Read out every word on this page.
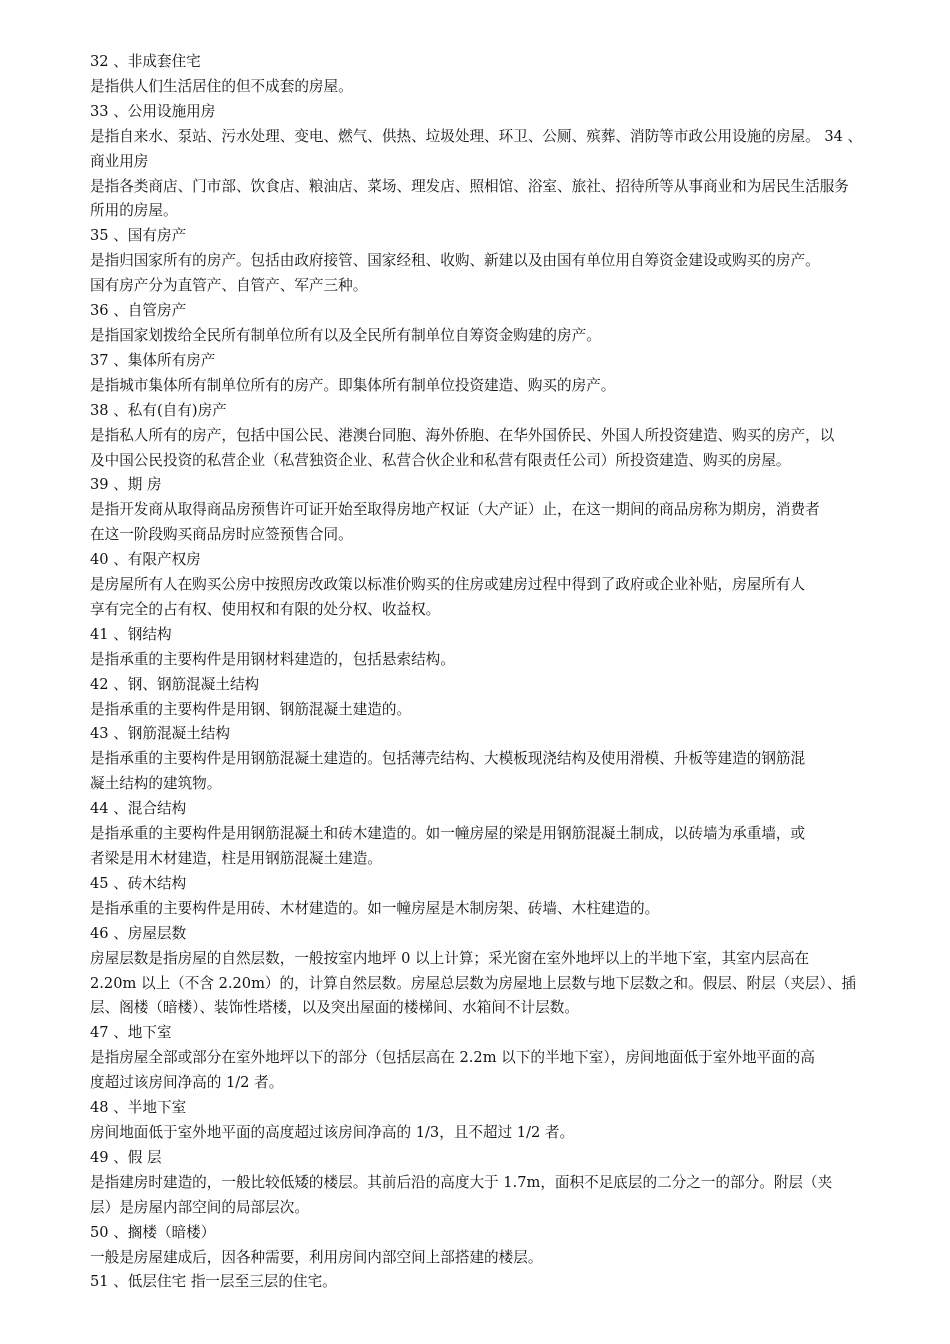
32 、非成套住宅
是指供人们生活居住的但不成套的房屋。
33 、公用设施用房
是指自来水、泵站、污水处理、变电、燃气、供热、垃圾处理、环卫、公厕、殡葬、消防等市政公用设施的房屋。 34 、
商业用房
是指各类商店、门市部、饮食店、粮油店、菜场、理发店、照相馆、浴室、旅社、招待所等从事商业和为居民生活服务
所用的房屋。
35 、国有房产
是指归国家所有的房产。包括由政府接管、国家经租、收购、新建以及由国有单位用自筹资金建设或购买的房产。
国有房产分为直管产、自管产、军产三种。
36 、自管房产
是指国家划拨给全民所有制单位所有以及全民所有制单位自筹资金购建的房产。
37 、集体所有房产
是指城市集体所有制单位所有的房产。即集体所有制单位投资建造、购买的房产。
38 、私有(自有)房产
是指私人所有的房产，包括中国公民、港澳台同胞、海外侨胞、在华外国侨民、外国人所投资建造、购买的房产，以
及中国公民投资的私营企业（私营独资企业、私营合伙企业和私营有限责任公司）所投资建造、购买的房屋。
39 、期 房
是指开发商从取得商品房预售许可证开始至取得房地产权证（大产证）止，在这一期间的商品房称为期房，消费者
在这一阶段购买商品房时应签预售合同。
40 、有限产权房
是房屋所有人在购买公房中按照房改政策以标准价购买的住房或建房过程中得到了政府或企业补贴，房屋所有人
享有完全的占有权、使用权和有限的处分权、收益权。
41 、钢结构
是指承重的主要构件是用钢材料建造的，包括悬索结构。
42 、钢、钢筋混凝土结构
是指承重的主要构件是用钢、钢筋混凝土建造的。
43 、钢筋混凝土结构
是指承重的主要构件是用钢筋混凝土建造的。包括薄壳结构、大模板现浇结构及使用滑模、升板等建造的钢筋混
凝土结构的建筑物。
44 、混合结构
是指承重的主要构件是用钢筋混凝土和砖木建造的。如一幢房屋的梁是用钢筋混凝土制成，以砖墙为承重墙，或
者梁是用木材建造，柱是用钢筋混凝土建造。
45 、砖木结构
是指承重的主要构件是用砖、木材建造的。如一幢房屋是木制房架、砖墙、木柱建造的。
46 、房屋层数
房屋层数是指房屋的自然层数，一般按室内地坪 0 以上计算；采光窗在室外地坪以上的半地下室，其室内层高在
2.20m 以上（不含 2.20m）的，计算自然层数。房屋总层数为房屋地上层数与地下层数之和。假层、附层（夹层）、插
层、阁楼（暗楼）、装饰性塔楼，以及突出屋面的楼梯间、水箱间不计层数。
47 、地下室
是指房屋全部或部分在室外地坪以下的部分（包括层高在 2.2m 以下的半地下室），房间地面低于室外地平面的高
度超过该房间净高的 1/2 者。
48 、半地下室
房间地面低于室外地平面的高度超过该房间净高的 1/3，且不超过 1/2 者。
49 、假 层
是指建房时建造的，一般比较低矮的楼层。其前后沿的高度大于 1.7m，面积不足底层的二分之一的部分。附层（夹
层）是房屋内部空间的局部层次。
50 、搁楼（暗楼）
一般是房屋建成后，因各种需要，利用房间内部空间上部搭建的楼层。
51 、低层住宅 指一层至三层的住宅。
